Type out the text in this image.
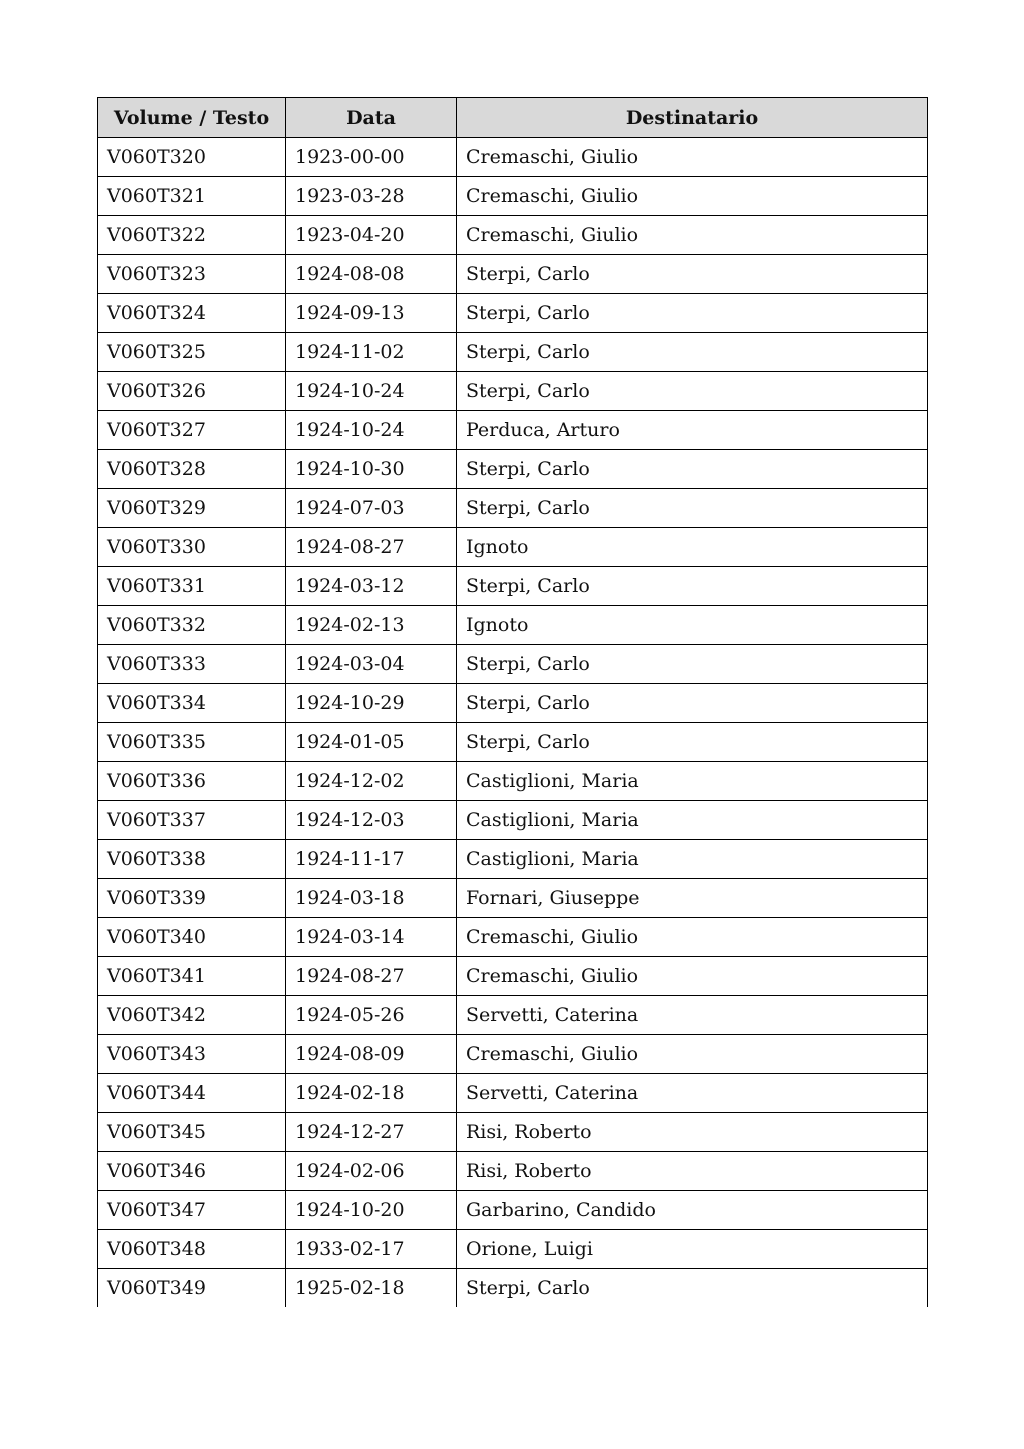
Volume / Testo	Data	Destinatario
V060T320	1923-00-00	Cremaschi, Giulio
V060T321	1923-03-28	Cremaschi, Giulio
V060T322	1923-04-20	Cremaschi, Giulio
V060T323	1924-08-08	Sterpi, Carlo
V060T324	1924-09-13	Sterpi, Carlo
V060T325	1924-11-02	Sterpi, Carlo
V060T326	1924-10-24	Sterpi, Carlo
V060T327	1924-10-24	Perduca, Arturo
V060T328	1924-10-30	Sterpi, Carlo
V060T329	1924-07-03	Sterpi, Carlo
V060T330	1924-08-27	Ignoto
V060T331	1924-03-12	Sterpi, Carlo
V060T332	1924-02-13	Ignoto
V060T333	1924-03-04	Sterpi, Carlo
V060T334	1924-10-29	Sterpi, Carlo
V060T335	1924-01-05	Sterpi, Carlo
V060T336	1924-12-02	Castiglioni, Maria
V060T337	1924-12-03	Castiglioni, Maria
V060T338	1924-11-17	Castiglioni, Maria
V060T339	1924-03-18	Fornari, Giuseppe
V060T340	1924-03-14	Cremaschi, Giulio
V060T341	1924-08-27	Cremaschi, Giulio
V060T342	1924-05-26	Servetti, Caterina
V060T343	1924-08-09	Cremaschi, Giulio
V060T344	1924-02-18	Servetti, Caterina
V060T345	1924-12-27	Risi, Roberto
V060T346	1924-02-06	Risi, Roberto
V060T347	1924-10-20	Garbarino, Candido
V060T348	1933-02-17	Orione, Luigi
V060T349	1925-02-18	Sterpi, Carlo
